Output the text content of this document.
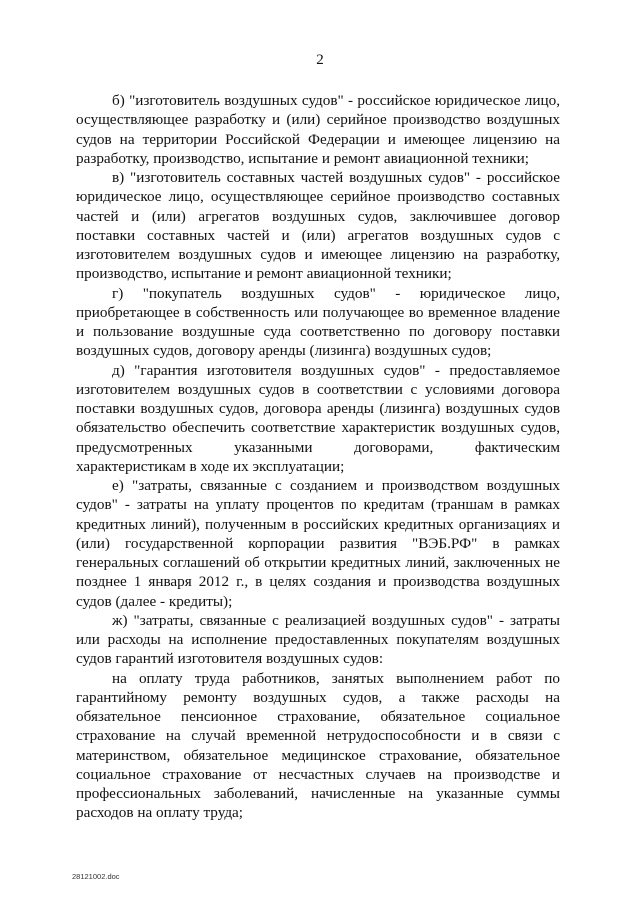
2

б) "изготовитель воздушных судов" - российское юридическое лицо, осуществляющее разработку и (или) серийное производство воздушных судов на территории Российской Федерации и имеющее лицензию на разработку, производство, испытание и ремонт авиационной техники;

в) "изготовитель составных частей воздушных судов" - российское юридическое лицо, осуществляющее серийное производство составных частей и (или) агрегатов воздушных судов, заключившее договор поставки составных частей и (или) агрегатов воздушных судов с изготовителем воздушных судов и имеющее лицензию на разработку, производство, испытание и ремонт авиационной техники;

г) "покупатель воздушных судов" - юридическое лицо, приобретающее в собственность или получающее во временное владение и пользование воздушные суда соответственно по договору поставки воздушных судов, договору аренды (лизинга) воздушных судов;

д) "гарантия изготовителя воздушных судов" - предоставляемое изготовителем воздушных судов в соответствии с условиями договора поставки воздушных судов, договора аренды (лизинга) воздушных судов обязательство обеспечить соответствие характеристик воздушных судов, предусмотренных указанными договорами, фактическим характеристикам в ходе их эксплуатации;

е) "затраты, связанные с созданием и производством воздушных судов" - затраты на уплату процентов по кредитам (траншам в рамках кредитных линий), полученным в российских кредитных организациях и (или) государственной корпорации развития "ВЭБ.РФ" в рамках генеральных соглашений об открытии кредитных линий, заключенных не позднее 1 января 2012 г., в целях создания и производства воздушных судов (далее - кредиты);

ж) "затраты, связанные с реализацией воздушных судов" - затраты или расходы на исполнение предоставленных покупателям воздушных судов гарантий изготовителя воздушных судов:

на оплату труда работников, занятых выполнением работ по гарантийному ремонту воздушных судов, а также расходы на обязательное пенсионное страхование, обязательное социальное страхование на случай временной нетрудоспособности и в связи с материнством, обязательное медицинское страхование, обязательное социальное страхование от несчастных случаев на производстве и профессиональных заболеваний, начисленные на указанные суммы расходов на оплату труда;

28121002.doc
